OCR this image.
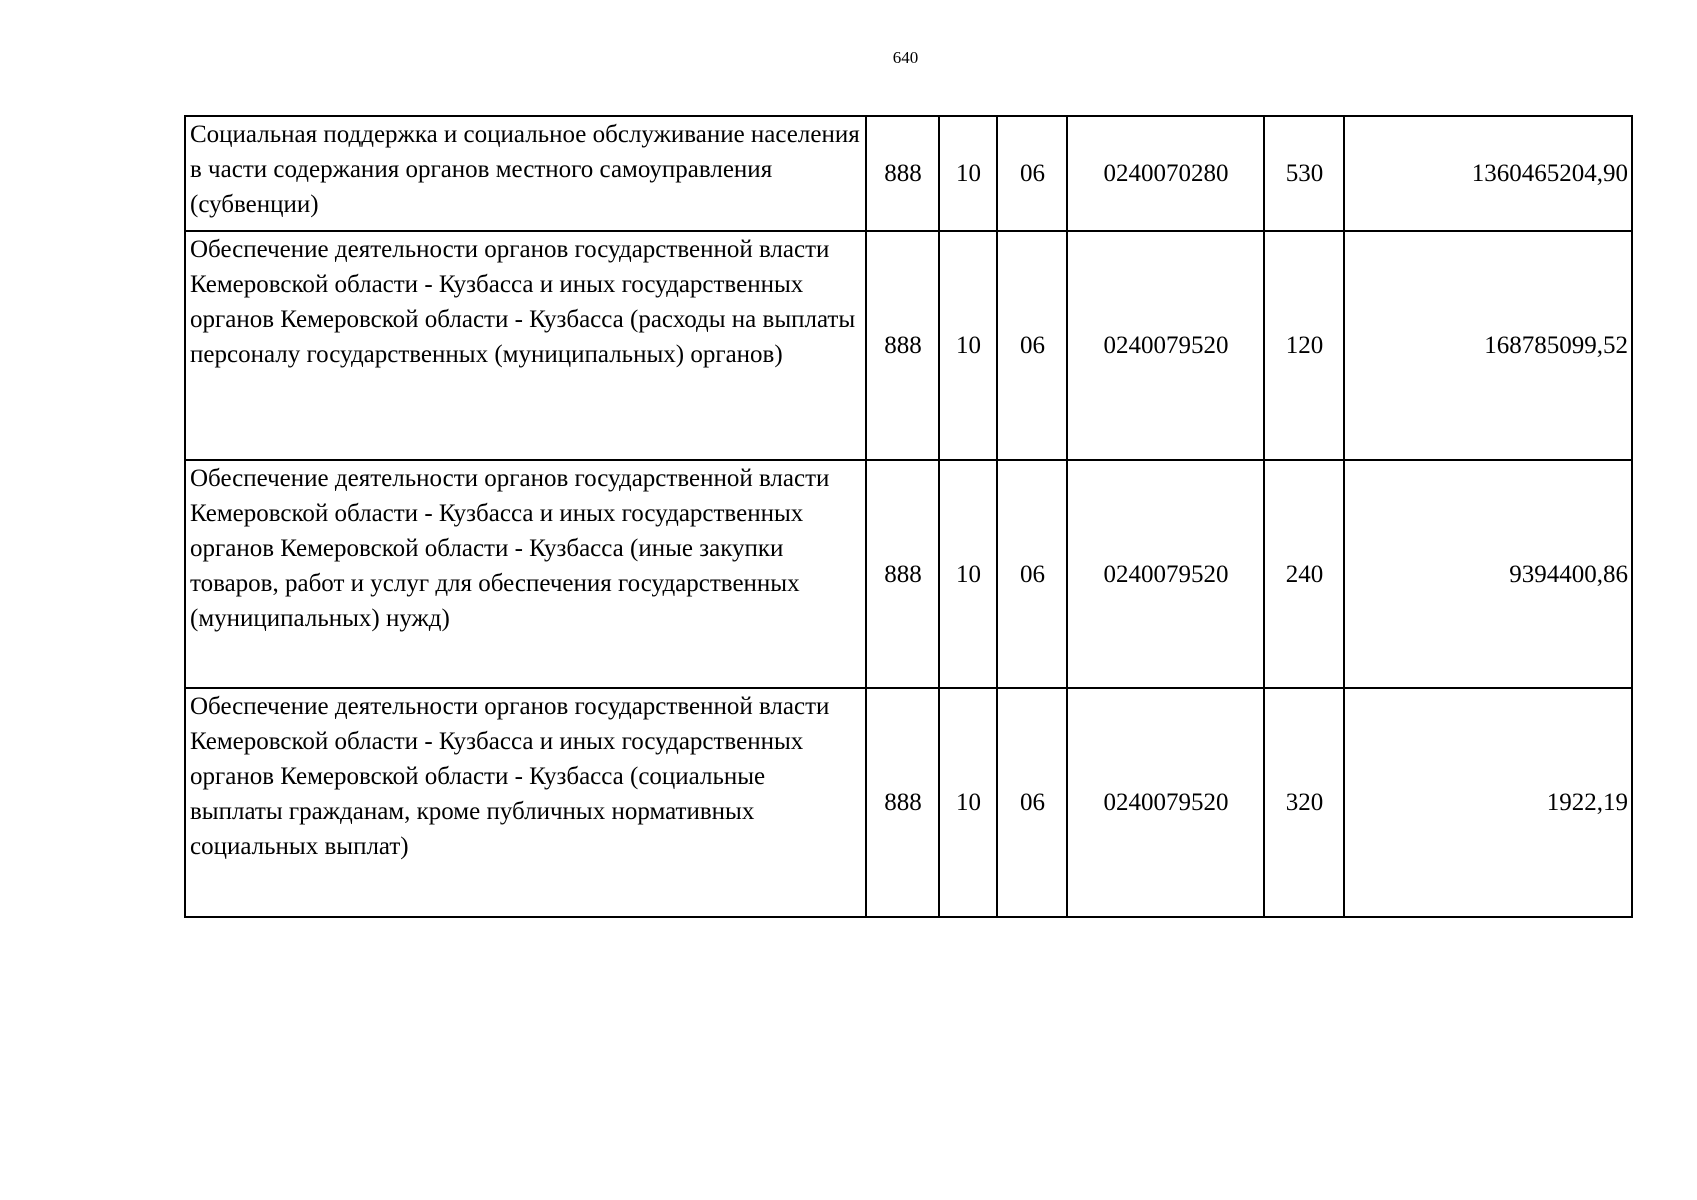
640
Социальная поддержка и социальное обслуживание населения в части содержания органов местного самоуправления (субвенции)	888	10	06	0240070280	530	1360465204,90
Обеспечение деятельности органов государственной власти Кемеровской области - Кузбасса и иных государственных органов Кемеровской области - Кузбасса (расходы на выплаты персоналу государственных (муниципальных) органов)	888	10	06	0240079520	120	168785099,52
Обеспечение деятельности органов государственной власти Кемеровской области - Кузбасса и иных государственных органов Кемеровской области - Кузбасса (иные закупки товаров, работ и услуг для обеспечения государственных (муниципальных) нужд)	888	10	06	0240079520	240	9394400,86
Обеспечение деятельности органов государственной власти Кемеровской области - Кузбасса и иных государственных органов Кемеровской области - Кузбасса (социальные выплаты гражданам, кроме публичных нормативных социальных выплат)	888	10	06	0240079520	320	1922,19
